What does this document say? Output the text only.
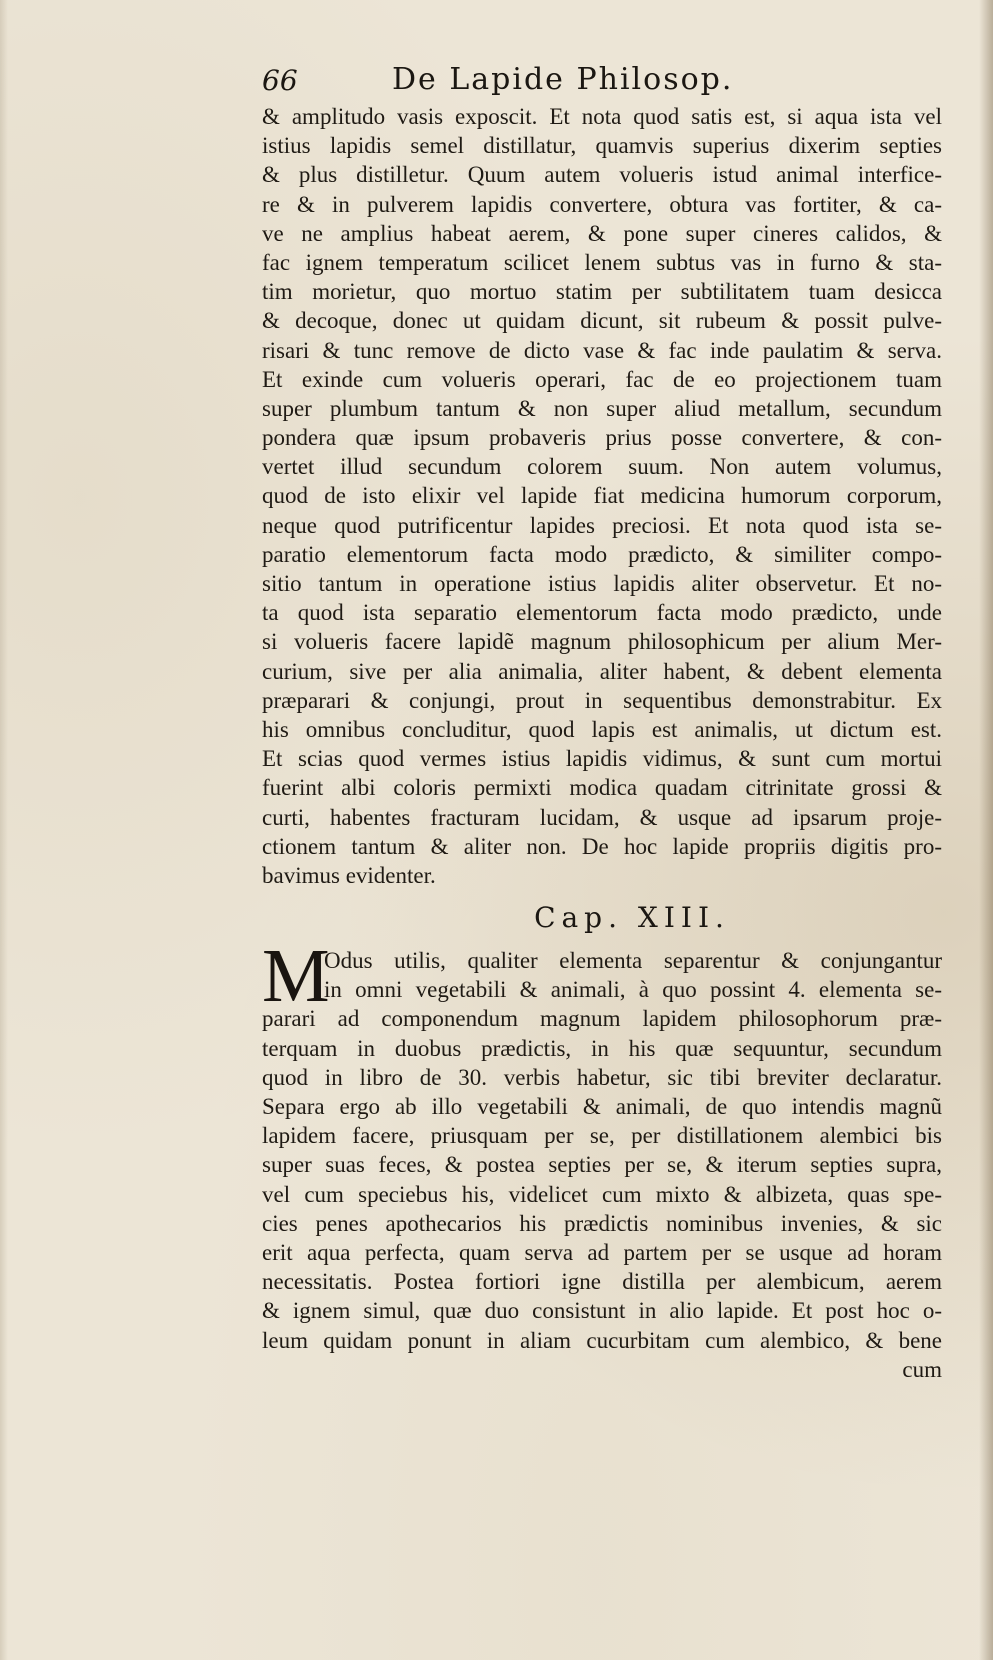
66	De Lapide Philosop.
& amplitudo vasis exposcit. Et nota quod satis est, si aqua ista vel
istius lapidis semel distillatur, quamvis superius dixerim septies
& plus distilletur. Quum autem volueris istud animal interfice-
re & in pulverem lapidis convertere, obtura vas fortiter, & ca-
ve ne amplius habeat aerem, & pone super cineres calidos, &
fac ignem temperatum scilicet lenem subtus vas in furno & sta-
tim morietur, quo mortuo statim per subtilitatem tuam desicca
& decoque, donec ut quidam dicunt, sit rubeum & possit pulve-
risari & tunc remove de dicto vase & fac inde paulatim & serva.
Et exinde cum volueris operari, fac de eo projectionem tuam
super plumbum tantum & non super aliud metallum, secundum
pondera quæ ipsum probaveris prius posse convertere, & con-
vertet illud secundum colorem suum. Non autem volumus,
quod de isto elixir vel lapide fiat medicina humorum corporum,
neque quod putrificentur lapides preciosi. Et nota quod ista se-
paratio elementorum facta modo prædicto, & similiter compo-
sitio tantum in operatione istius lapidis aliter observetur. Et no-
ta quod ista separatio elementorum facta modo prædicto, unde
si volueris facere lapidẽ magnum philosophicum per alium Mer-
curium, sive per alia animalia, aliter habent, & debent elementa
præparari & conjungi, prout in sequentibus demonstrabitur. Ex
his omnibus concluditur, quod lapis est animalis, ut dictum est.
Et scias quod vermes istius lapidis vidimus, & sunt cum mortui
fuerint albi coloris permixti modica quadam citrinitate grossi &
curti, habentes fracturam lucidam, & usque ad ipsarum proje-
ctionem tantum & aliter non. De hoc lapide propriis digitis pro-
bavimus evidenter.
Cap. XIII.
M
Odus utilis, qualiter elementa separentur & conjungantur
in omni vegetabili & animali, à quo possint 4. elementa se-
parari ad componendum magnum lapidem philosophorum præ-
terquam in duobus prædictis, in his quæ sequuntur, secundum
quod in libro de 30. verbis habetur, sic tibi breviter declaratur.
Separa ergo ab illo vegetabili & animali, de quo intendis magnũ
lapidem facere, priusquam per se, per distillationem alembici bis
super suas feces, & postea septies per se, & iterum septies supra,
vel cum speciebus his, videlicet cum mixto & albizeta, quas spe-
cies penes apothecarios his prædictis nominibus invenies, & sic
erit aqua perfecta, quam serva ad partem per se usque ad horam
necessitatis. Postea fortiori igne distilla per alembicum, aerem
& ignem simul, quæ duo consistunt in alio lapide. Et post hoc o-
leum quidam ponunt in aliam cucurbitam cum alembico, & bene
cum
